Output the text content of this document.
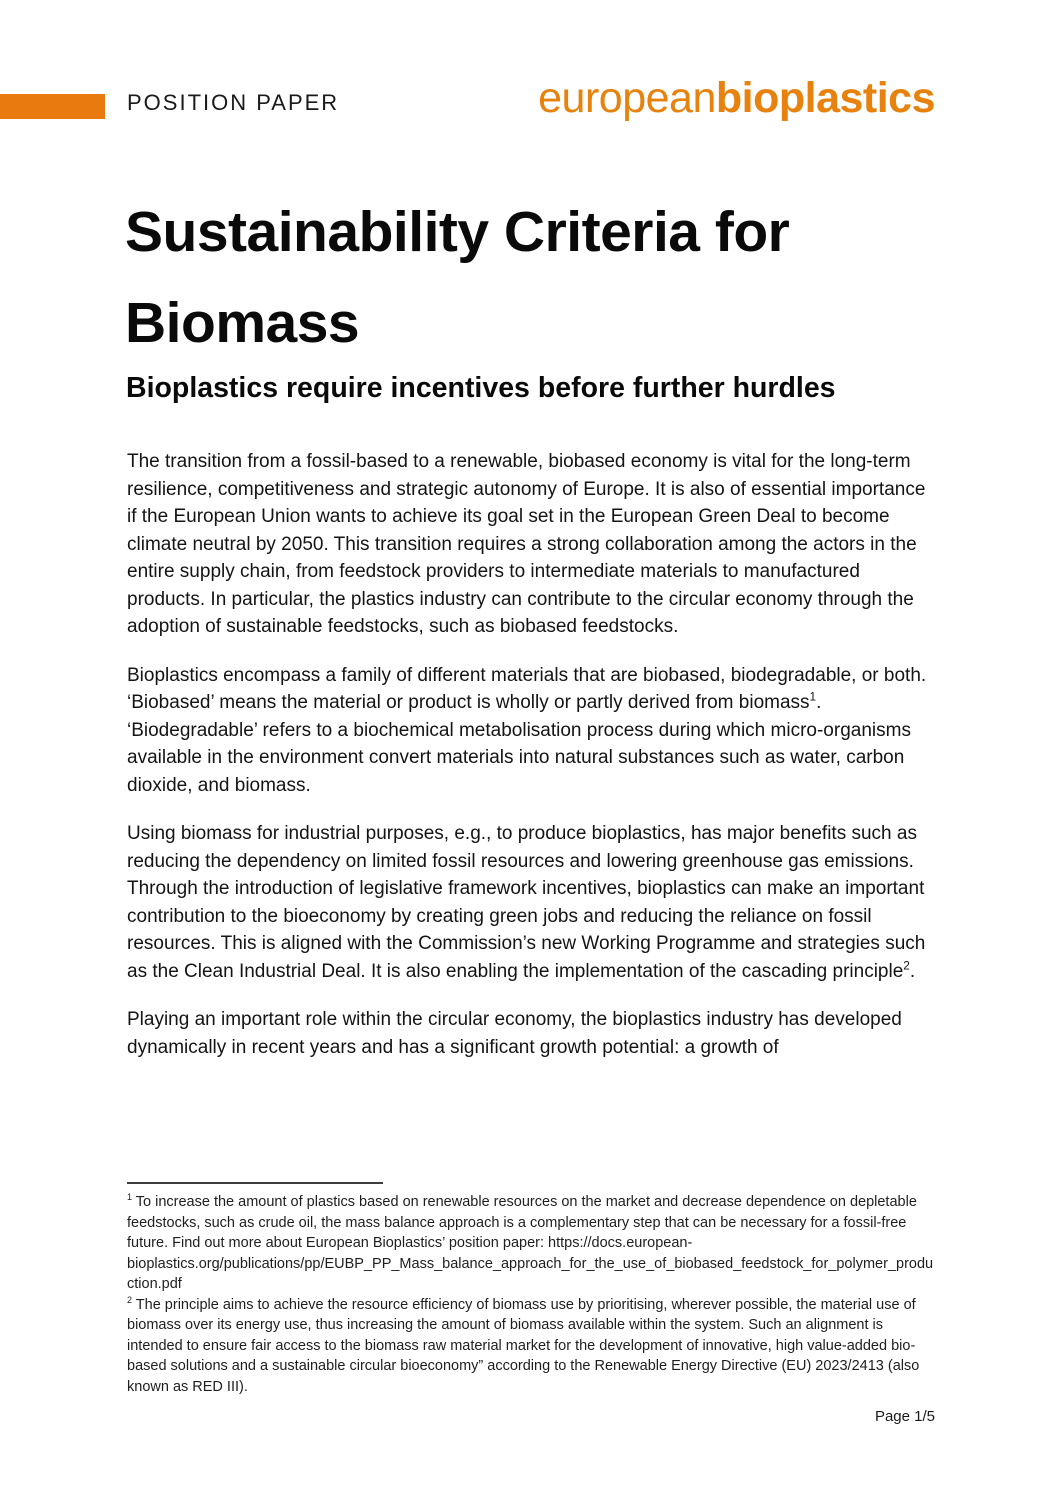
POSITION PAPER	europeanbioplastics
Sustainability Criteria for
Biomass
Bioplastics require incentives before further hurdles

The transition from a fossil-based to a renewable, biobased economy is vital for the long-term resilience, competitiveness and strategic autonomy of Europe. It is also of essential importance if the European Union wants to achieve its goal set in the European Green Deal to become climate neutral by 2050. This transition requires a strong collaboration among the actors in the entire supply chain, from feedstock providers to intermediate materials to manufactured products. In particular, the plastics industry can contribute to the circular economy through the adoption of sustainable feedstocks, such as biobased feedstocks.

Bioplastics encompass a family of different materials that are biobased, biodegradable, or both. ‘Biobased’ means the material or product is wholly or partly derived from biomass$^1$. ‘Biodegradable’ refers to a biochemical metabolisation process during which micro-organisms available in the environment convert materials into natural substances such as water, carbon dioxide, and biomass.

Using biomass for industrial purposes, e.g., to produce bioplastics, has major benefits such as reducing the dependency on limited fossil resources and lowering greenhouse gas emissions. Through the introduction of legislative framework incentives, bioplastics can make an important contribution to the bioeconomy by creating green jobs and reducing the reliance on fossil resources. This is aligned with the Commission’s new Working Programme and strategies such as the Clean Industrial Deal. It is also enabling the implementation of the cascading principle$^2$.

Playing an important role within the circular economy, the bioplastics industry has developed dynamically in recent years and has a significant growth potential: a growth of

$^1$ To increase the amount of plastics based on renewable resources on the market and decrease dependence on depletable feedstocks, such as crude oil, the mass balance approach is a complementary step that can be necessary for a fossil-free future. Find out more about European Bioplastics’ position paper: https://docs.european-bioplastics.org/publications/pp/EUBP_PP_Mass_balance_approach_for_the_use_of_biobased_feedstock_for_polymer_production.pdf
$^2$ The principle aims to achieve the resource efficiency of biomass use by prioritising, wherever possible, the material use of biomass over its energy use, thus increasing the amount of biomass available within the system. Such an alignment is intended to ensure fair access to the biomass raw material market for the development of innovative, high value-added bio-based solutions and a sustainable circular bioeconomy” according to the Renewable Energy Directive (EU) 2023/2413 (also known as RED III).
Page 1/5
